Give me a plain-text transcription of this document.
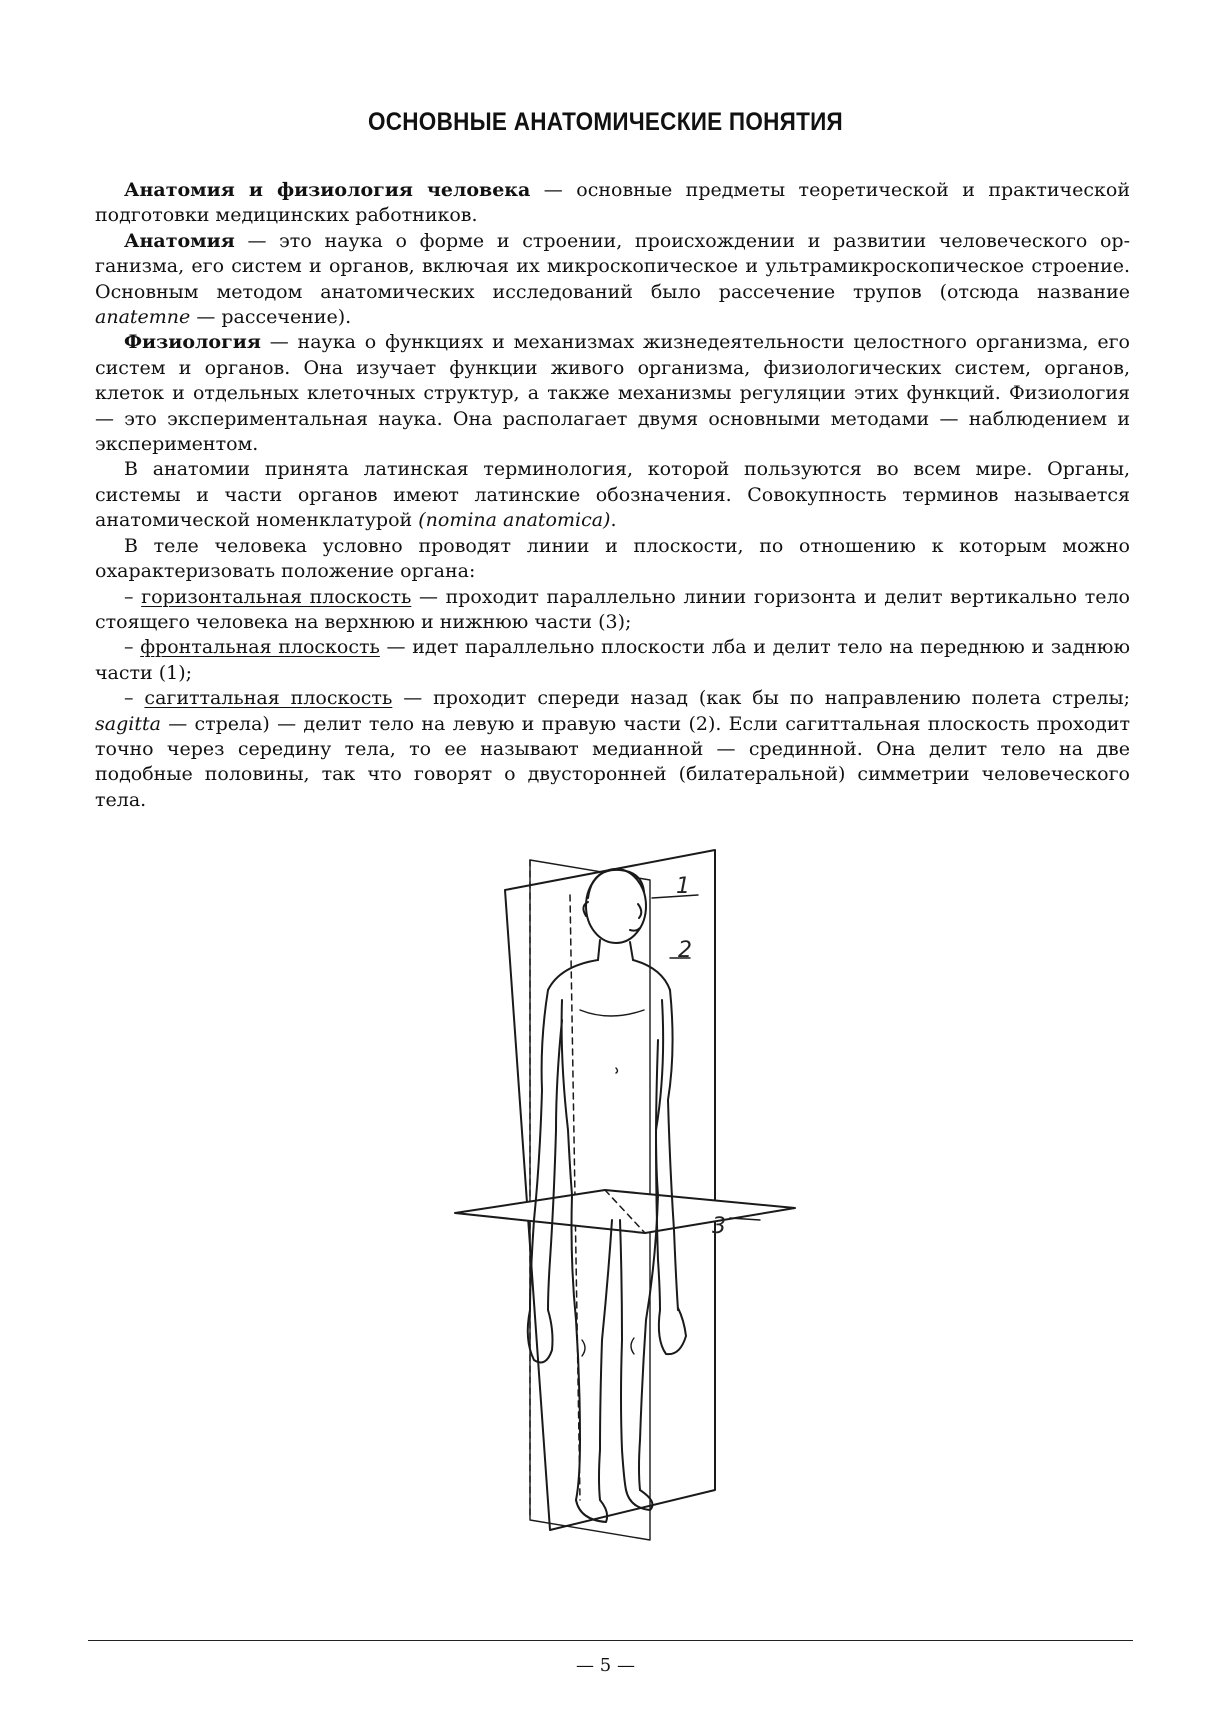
ОСНОВНЫЕ АНАТОМИЧЕСКИЕ ПОНЯТИЯ

Анатомия и физиология человека — основные предметы теоретической и практической подготовки медицинских работников.

Анатомия — это наука о форме и строении, происхождении и развитии человеческого организма, его систем и органов, включая их микроскопическое и ультрамикроскопическое строение. Основным методом анатомических исследований было рассечение трупов (отсюда название anatemne — рассечение).

Физиология — наука о функциях и механизмах жизнедеятельности целостного организма, его систем и органов. Она изучает функции живого организма, физиологических систем, органов, клеток и отдельных клеточных структур, а также механизмы регуляции этих функций. Физиология — это экспериментальная наука. Она располагает двумя основными методами — наблюдением и экспериментом.

В анатомии принята латинская терминология, которой пользуются во всем мире. Органы, системы и части органов имеют латинские обозначения. Совокупность терминов называется анатомической номенклатурой (nomina anatomica).

В теле человека условно проводят линии и плоскости, по отношению к которым можно охарактеризовать положение органа:

– горизонтальная плоскость — проходит параллельно линии горизонта и делит вертикально тело стоящего человека на верхнюю и нижнюю части (3);

– фронтальная плоскость — идет параллельно плоскости лба и делит тело на переднюю и заднюю части (1);

– сагиттальная плоскость — проходит спереди назад (как бы по направлению полета стрелы; sagitta — стрела) — делит тело на левую и правую части (2). Если сагиттальная плоскость проходит точно через середину тела, то ее называют медианной — срединной. Она делит тело на две подобные половины, так что говорят о двусторонней (билатеральной) симметрии человеческого тела.

1
2
3
— 5 —
